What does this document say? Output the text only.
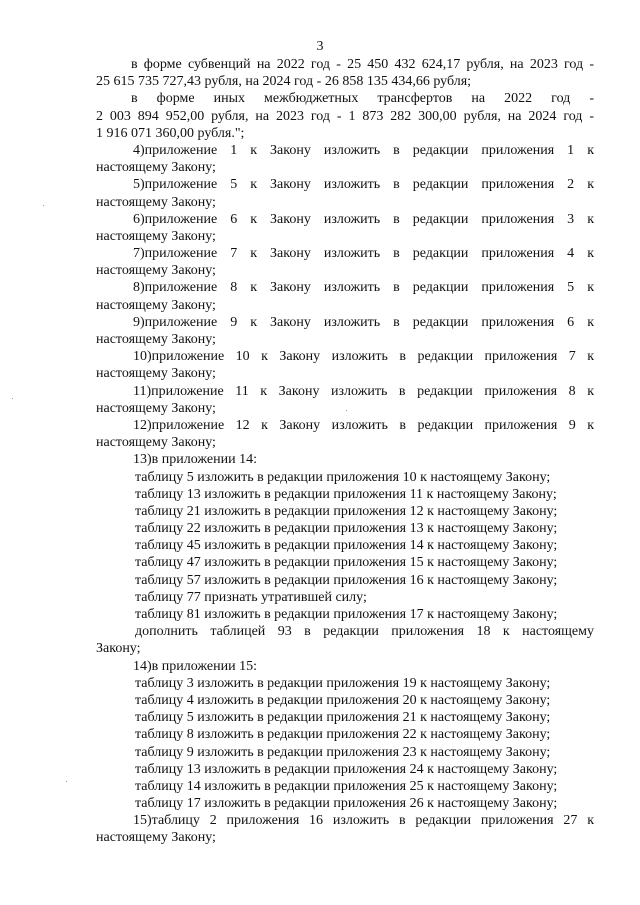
3
в форме субвенций на 2022 год - 25 450 432 624,17 рубля, на 2023 год -
25 615 735 727,43 рубля, на 2024 год - 26 858 135 434,66 рубля;
в форме иных межбюджетных трансфертов на 2022 год -
2 003 894 952,00 рубля, на 2023 год - 1 873 282 300,00 рубля, на 2024 год -
1 916 071 360,00 рубля.";
4)приложение 1 к Закону изложить в редакции приложения 1 к
настоящему Закону;
5)приложение 5 к Закону изложить в редакции приложения 2 к
настоящему Закону;
6)приложение 6 к Закону изложить в редакции приложения 3 к
настоящему Закону;
7)приложение 7 к Закону изложить в редакции приложения 4 к
настоящему Закону;
8)приложение 8 к Закону изложить в редакции приложения 5 к
настоящему Закону;
9)приложение 9 к Закону изложить в редакции приложения 6 к
настоящему Закону;
10)приложение 10 к Закону изложить в редакции приложения 7 к
настоящему Закону;
11)приложение 11 к Закону изложить в редакции приложения 8 к
настоящему Закону;
12)приложение 12 к Закону изложить в редакции приложения 9 к
настоящему Закону;
13)в приложении 14:
таблицу 5 изложить в редакции приложения 10 к настоящему Закону;
таблицу 13 изложить в редакции приложения 11 к настоящему Закону;
таблицу 21 изложить в редакции приложения 12 к настоящему Закону;
таблицу 22 изложить в редакции приложения 13 к настоящему Закону;
таблицу 45 изложить в редакции приложения 14 к настоящему Закону;
таблицу 47 изложить в редакции приложения 15 к настоящему Закону;
таблицу 57 изложить в редакции приложения 16 к настоящему Закону;
таблицу 77 признать утратившей силу;
таблицу 81 изложить в редакции приложения 17 к настоящему Закону;
дополнить таблицей 93 в редакции приложения 18 к настоящему
Закону;
14)в приложении 15:
таблицу 3 изложить в редакции приложения 19 к настоящему Закону;
таблицу 4 изложить в редакции приложения 20 к настоящему Закону;
таблицу 5 изложить в редакции приложения 21 к настоящему Закону;
таблицу 8 изложить в редакции приложения 22 к настоящему Закону;
таблицу 9 изложить в редакции приложения 23 к настоящему Закону;
таблицу 13 изложить в редакции приложения 24 к настоящему Закону;
таблицу 14 изложить в редакции приложения 25 к настоящему Закону;
таблицу 17 изложить в редакции приложения 26 к настоящему Закону;
15)таблицу 2 приложения 16 изложить в редакции приложения 27 к
настоящему Закону;
